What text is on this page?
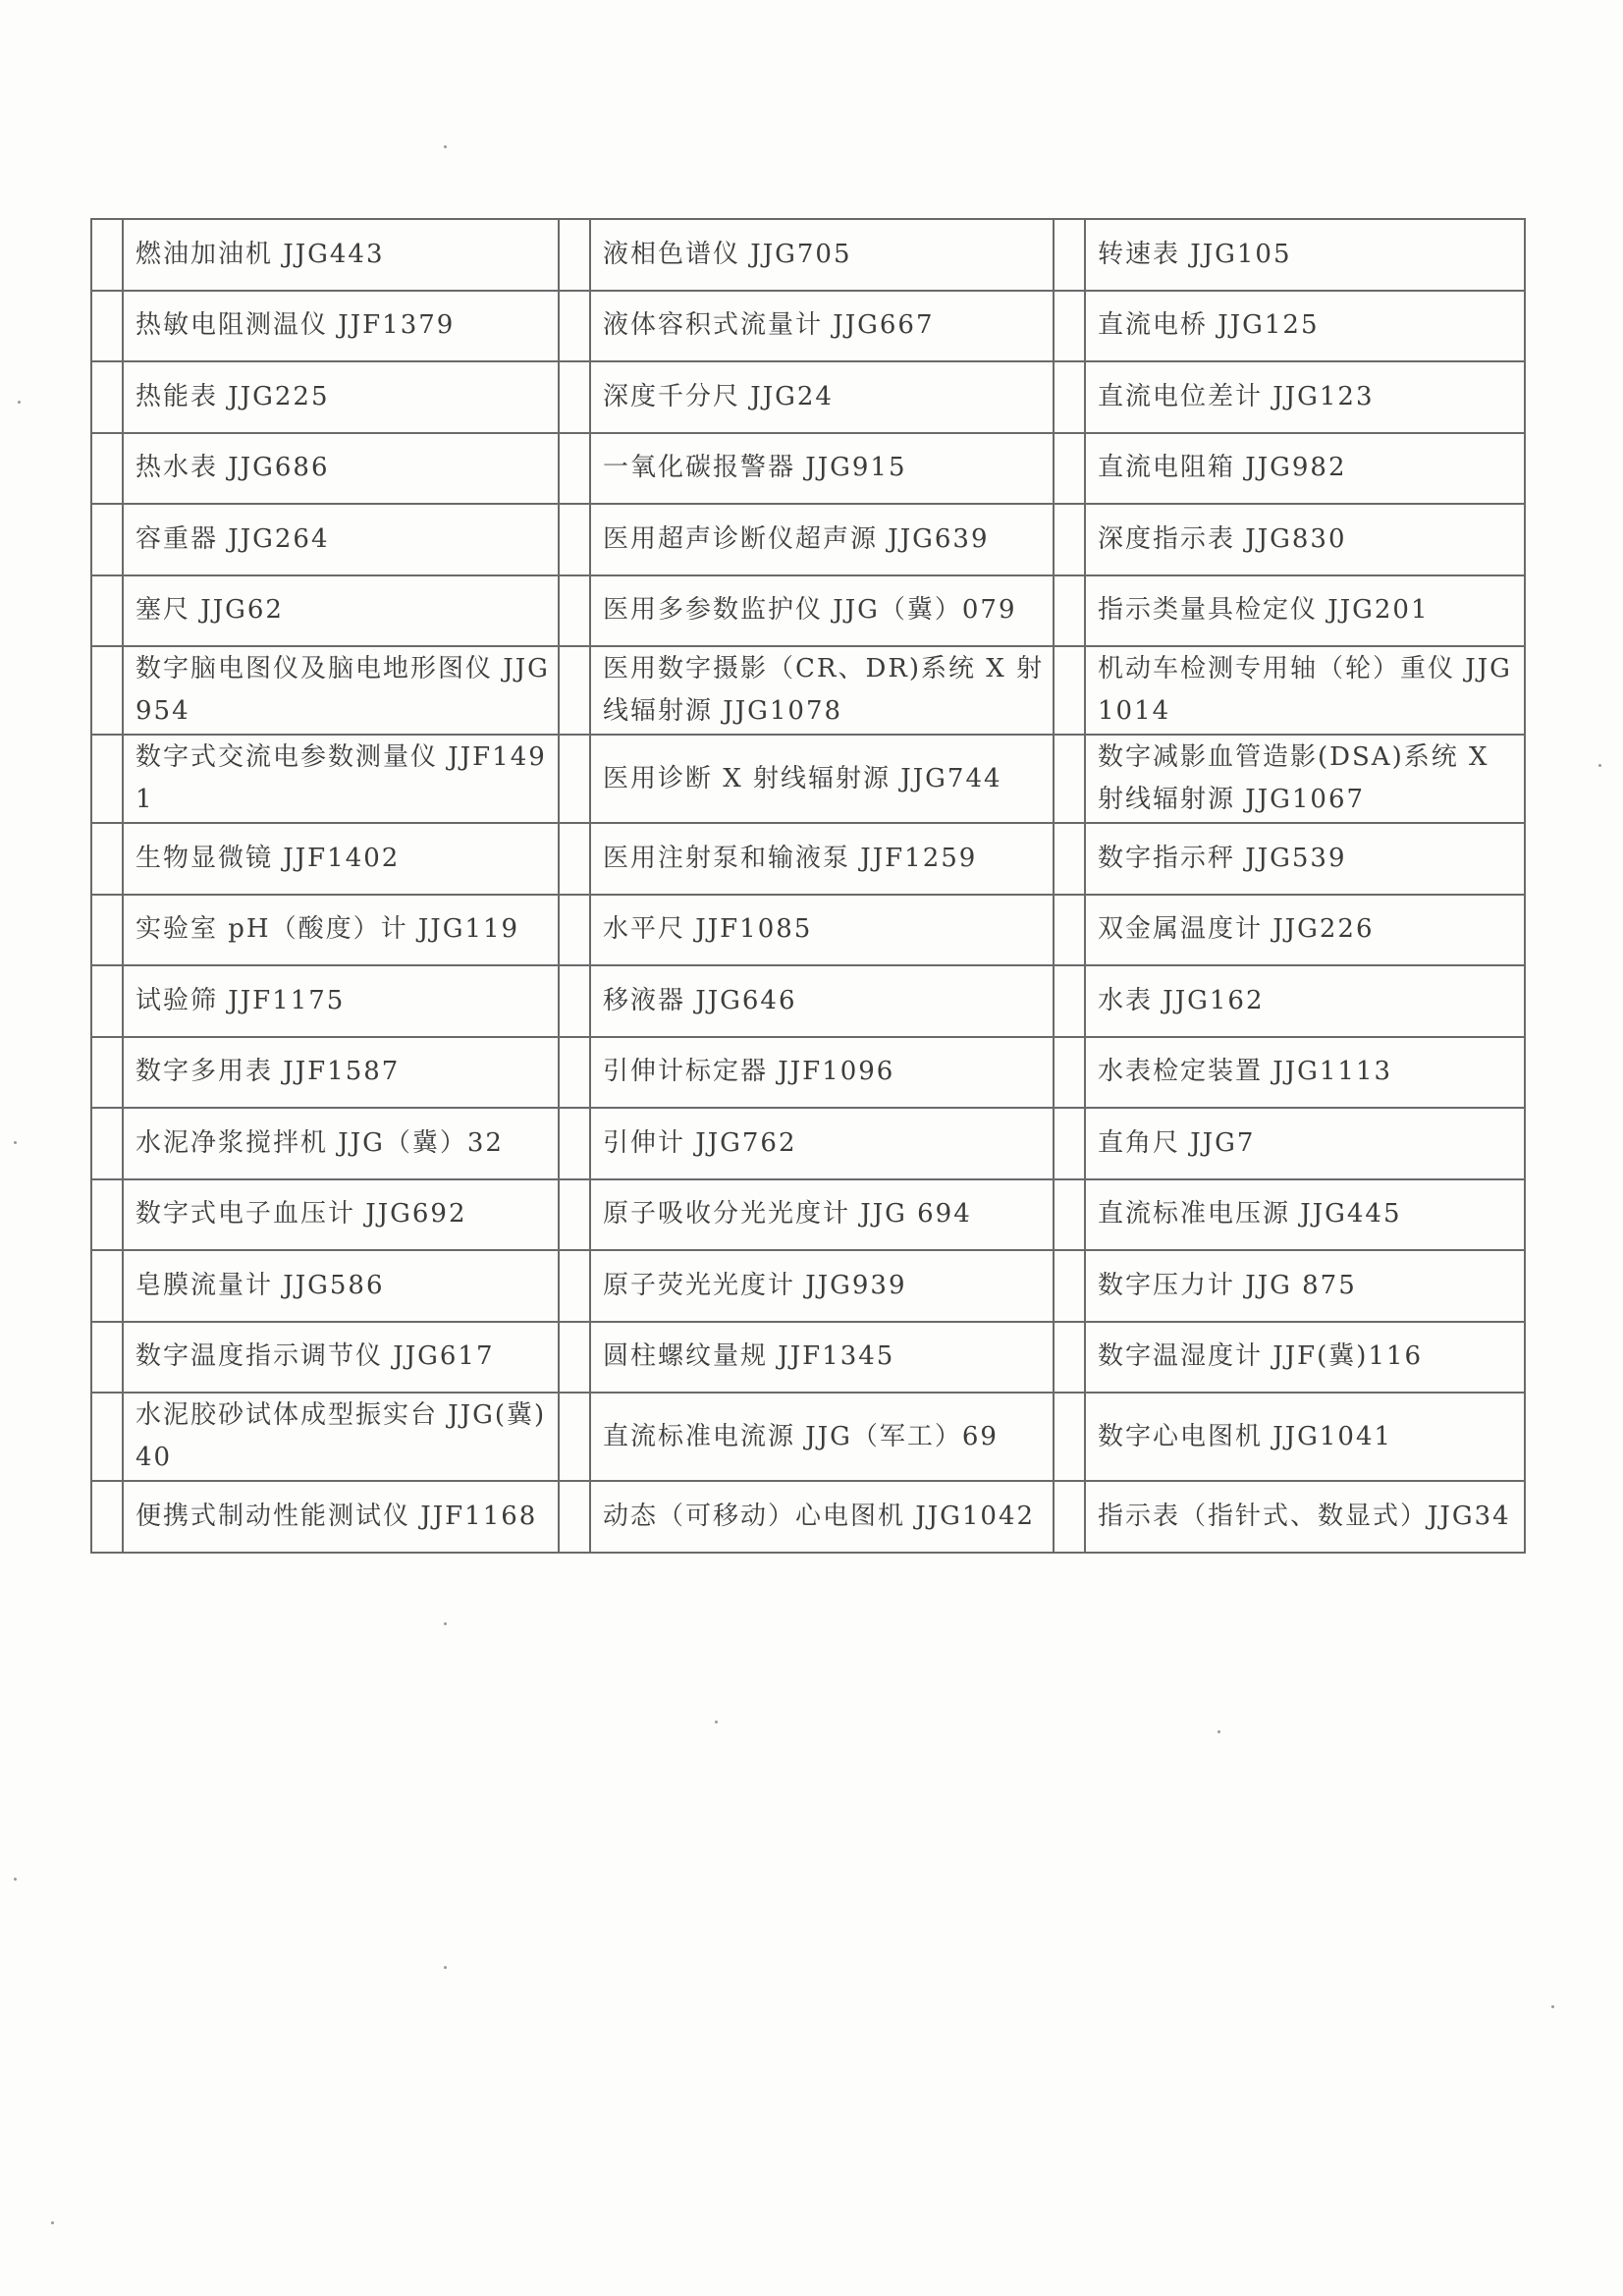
	燃油加油机 JJG443		液相色谱仪 JJG705		转速表 JJG105
	热敏电阻测温仪 JJF1379		液体容积式流量计 JJG667		直流电桥 JJG125
	热能表 JJG225		深度千分尺 JJG24		直流电位差计 JJG123
	热水表 JJG686		一氧化碳报警器 JJG915		直流电阻箱 JJG982
	容重器 JJG264		医用超声诊断仪超声源 JJG639		深度指示表 JJG830
	塞尺 JJG62		医用多参数监护仪 JJG（冀）079		指示类量具检定仪 JJG201
	数字脑电图仪及脑电地形图仪 JJG954		医用数字摄影（CR、DR)系统 X 射线辐射源 JJG1078		机动车检测专用轴（轮）重仪 JJG 1014
	数字式交流电参数测量仪 JJF1491		医用诊断 X 射线辐射源 JJG744		数字减影血管造影(DSA)系统 X 射线辐射源 JJG1067
	生物显微镜 JJF1402		医用注射泵和输液泵 JJF1259		数字指示秤 JJG539
	实验室 pH（酸度）计 JJG119		水平尺 JJF1085		双金属温度计 JJG226
	试验筛 JJF1175		移液器 JJG646		水表 JJG162
	数字多用表 JJF1587		引伸计标定器 JJF1096		水表检定装置 JJG1113
	水泥净浆搅拌机 JJG（冀）32		引伸计 JJG762		直角尺 JJG7
	数字式电子血压计 JJG692		原子吸收分光光度计 JJG 694		直流标准电压源 JJG445
	皂膜流量计 JJG586		原子荧光光度计 JJG939		数字压力计 JJG 875
	数字温度指示调节仪 JJG617		圆柱螺纹量规 JJF1345		数字温湿度计 JJF(冀)116
	水泥胶砂试体成型振实台 JJG(冀)40		直流标准电流源 JJG（军工）69		数字心电图机 JJG1041
	便携式制动性能测试仪 JJF1168		动态（可移动）心电图机 JJG1042		指示表（指针式、数显式）JJG34
